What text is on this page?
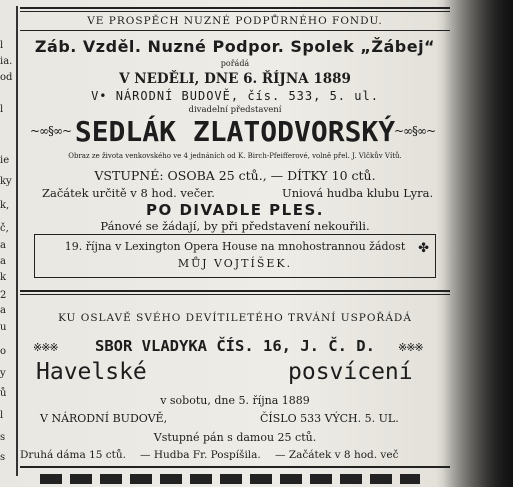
l
ia.
od
l
ie
ky
k,
č,
a
a
k
2
a
u
o
y
ů
l
s
s
VE PROSPĚCH NUZNÉ PODPŮRNÉHO FONDU.
Záb. Vzděl. Nuzné Podpor. Spolek „Žábej“
pořádá
V NEDĚLI, DNE 6. ŘÍJNA 1889
V• NÁRODNÍ BUDOVĚ, čís. 533, 5. ul.
divadelní představení
~∞§∞~	~∞§∞~
SEDLÁK ZLATODVORSKÝ
Obraz ze života venkovského ve 4 jednáních od K. Birch-Pfeifferové, volně přel. J. Vlčkův Vítů.
VSTUPNÉ: OSOBA 25 ctů., — DÍTKY 10 ctů.
Začátek určitě v 8 hod. večer.	Uniová hudba klubu Lyra.
PO DIVADLE PLES.
Pánové se žádají, by při představení nekouřili.
19. října v Lexington Opera House na mnohostrannou žádost
MŮJ VOJTÍŠEK.
✤
KU OSLAVĚ SVÉHO DEVÍTILETÉHO TRVÁNÍ USPOŘÁDÁ
※※※	※※※
SBOR VLADYKA ČÍS. 16, J. Č. D.
Havelské	posvícení
v sobotu, dne 5. října 1889
V NÁRODNÍ BUDOVĚ,	ČÍSLO 533 VÝCH. 5. UL.
Vstupné pán s damou 25 ctů.
Druhá dáma 15 ctů. — Hudba Fr. Pospíšila. — Začátek v 8 hod. več
